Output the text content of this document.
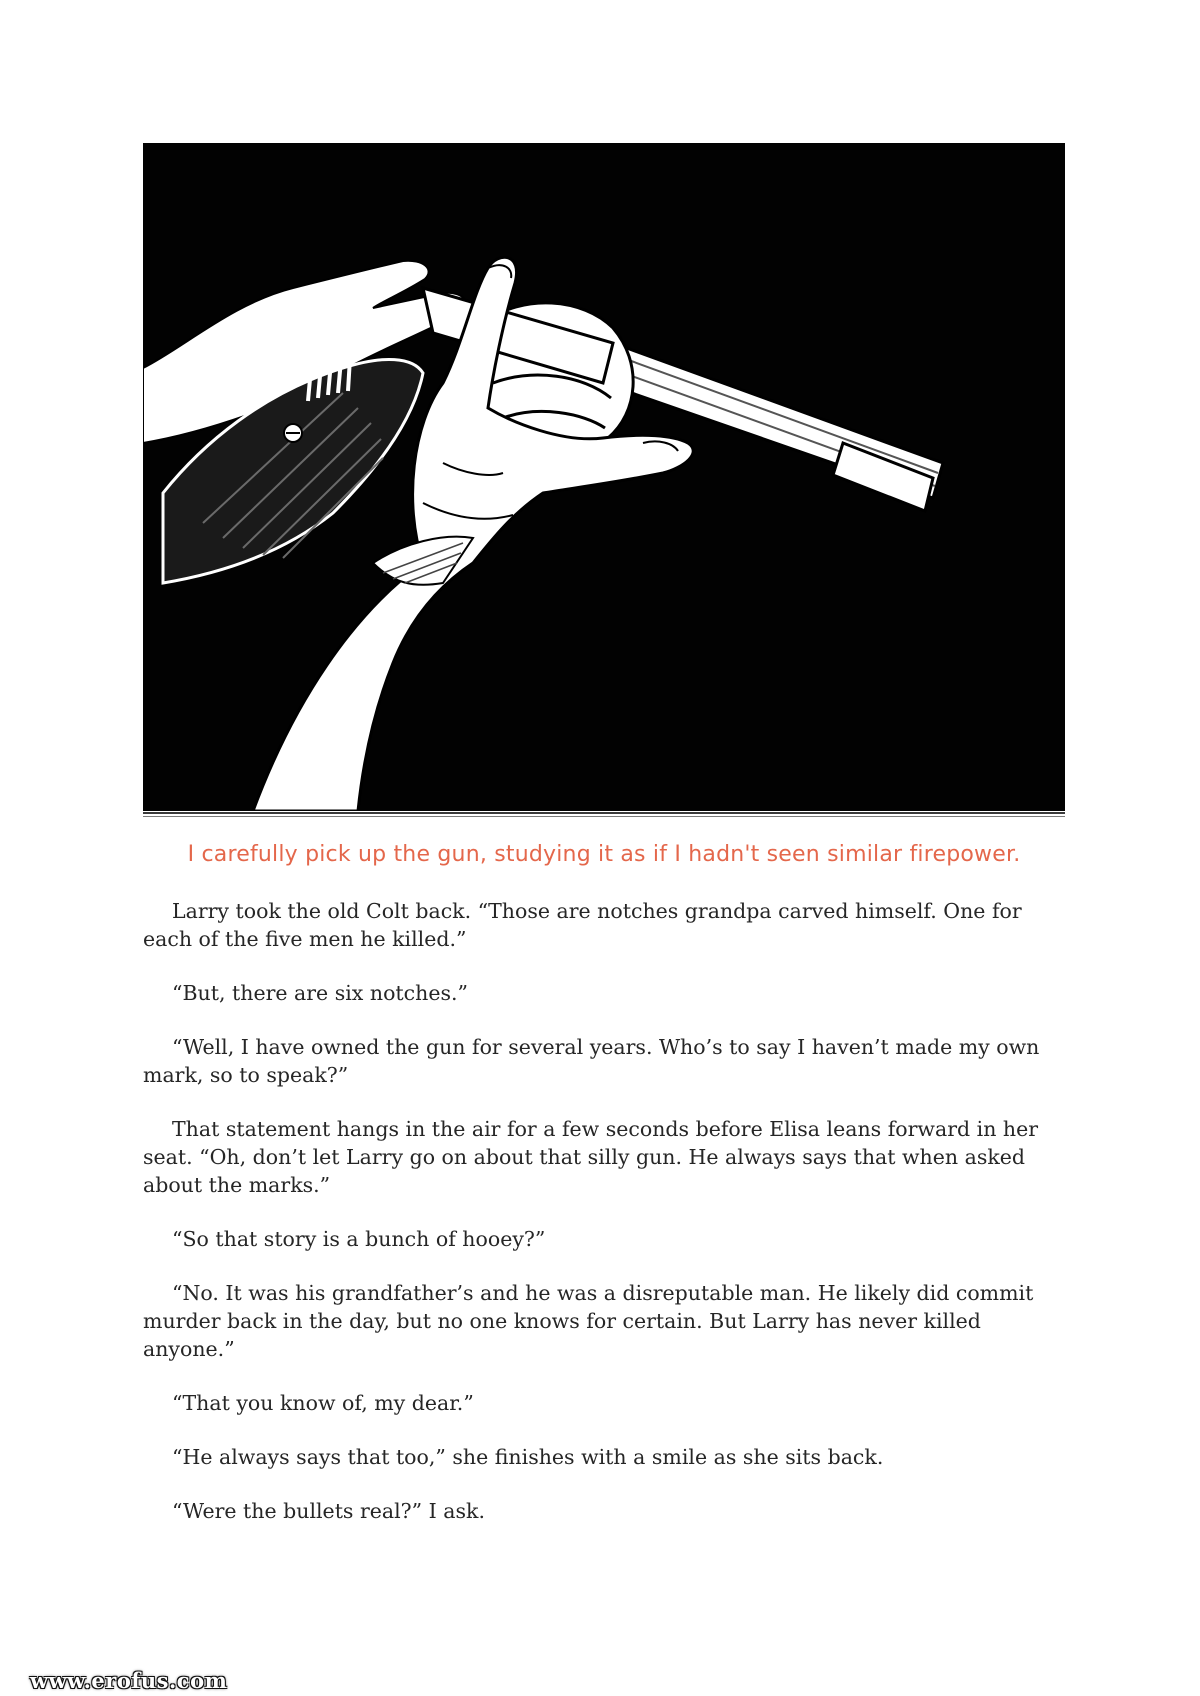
I carefully pick up the gun, studying it as if I hadn't seen similar firepower.

Larry took the old Colt back. “Those are notches grandpa carved himself. One for each of the five men he killed.”

“But, there are six notches.”

“Well, I have owned the gun for several years. Who’s to say I haven’t made my own mark, so to speak?”

That statement hangs in the air for a few seconds before Elisa leans forward in her seat. “Oh, don’t let Larry go on about that silly gun. He always says that when asked about the marks.”

“So that story is a bunch of hooey?”

“No. It was his grandfather’s and he was a disreputable man. He likely did commit murder back in the day, but no one knows for certain. But Larry has never killed anyone.”

“That you know of, my dear.”

“He always says that too,” she finishes with a smile as she sits back.

“Were the bullets real?” I ask.

www.erofus.com
